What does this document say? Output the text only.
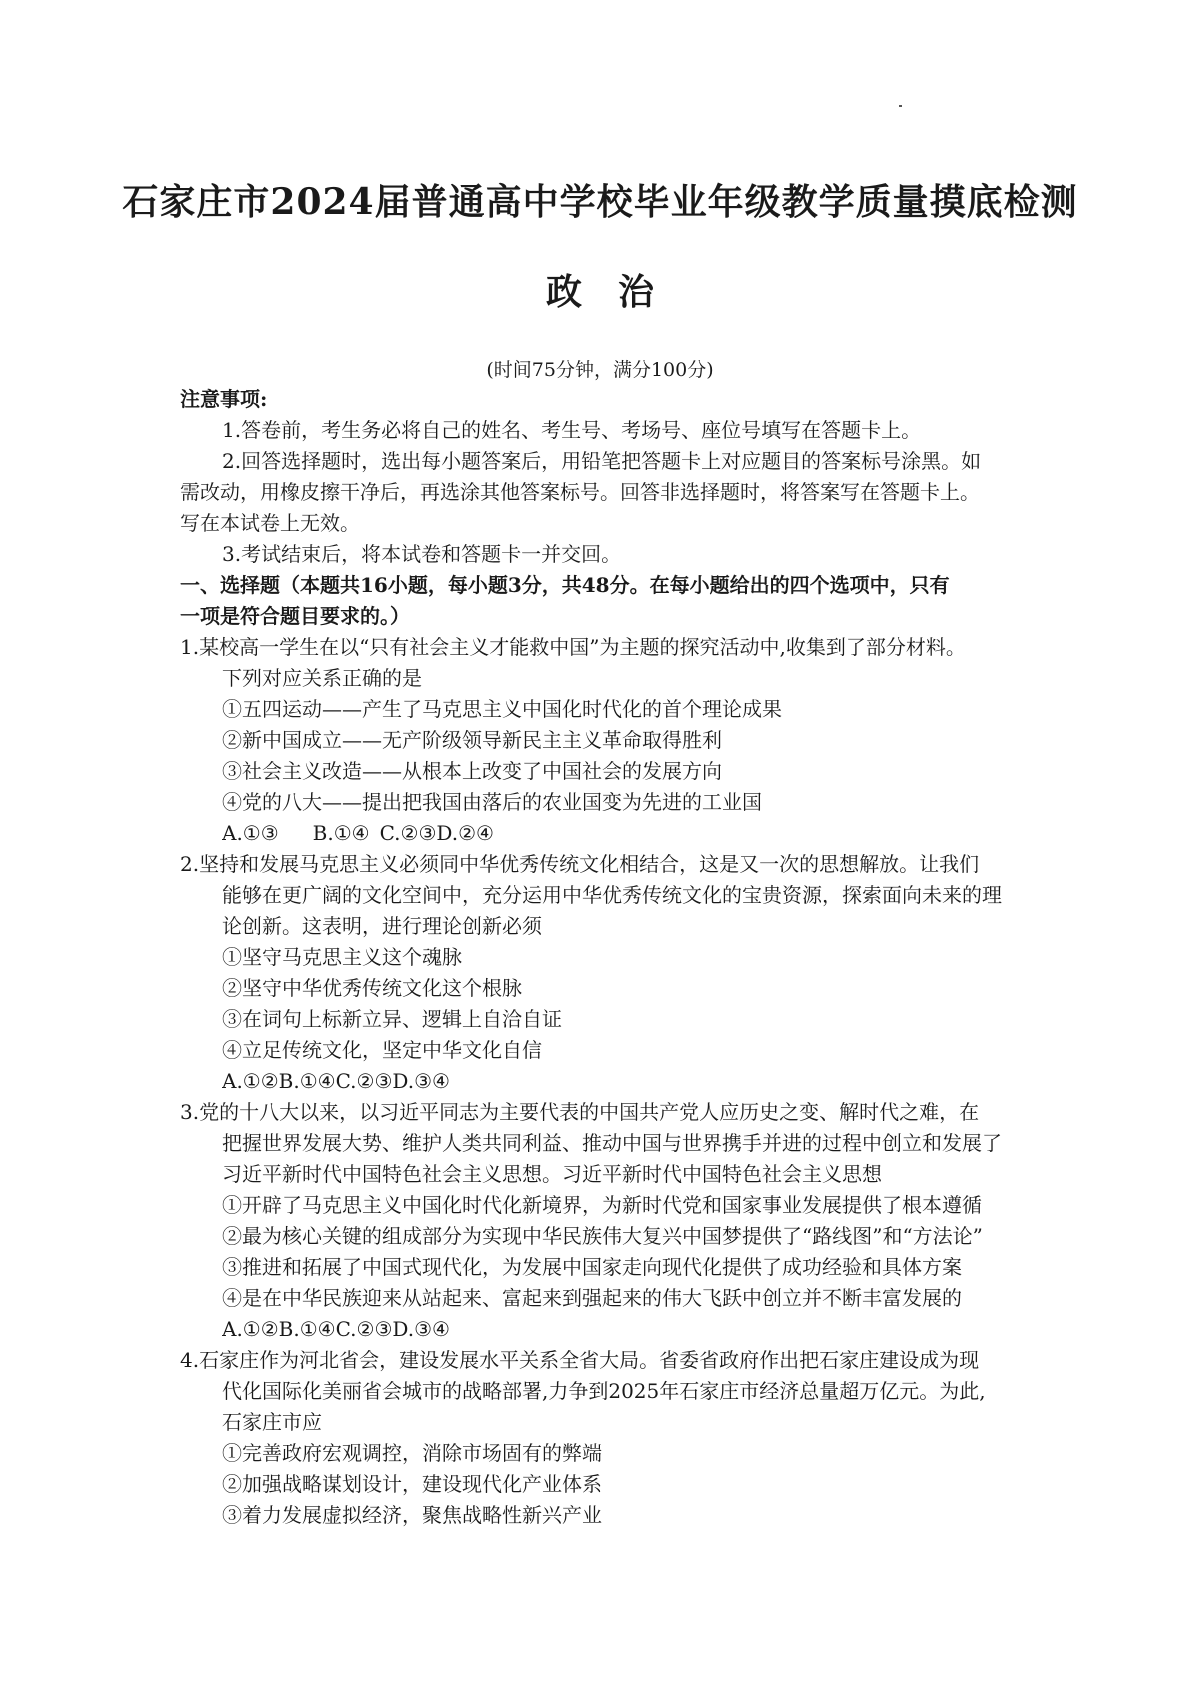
石家庄市2024届普通高中学校毕业年级教学质量摸底检测
政 治
(时间75分钟，满分100分)
注意事项:
1.答卷前，考生务必将自己的姓名、考生号、考场号、座位号填写在答题卡上。
2.回答选择题时，选出每小题答案后，用铅笔把答题卡上对应题目的答案标号涂黑。如
需改动，用橡皮擦干净后，再选涂其他答案标号。回答非选择题时，将答案写在答题卡上。
写在本试卷上无效。
3.考试结束后，将本试卷和答题卡一并交回。
一、选择题（本题共16小题，每小题3分，共48分。在每小题给出的四个选项中，只有
一项是符合题目要求的。）
1.某校高一学生在以“只有社会主义才能救中国”为主题的探究活动中,收集到了部分材料。
下列对应关系正确的是
①五四运动——产生了马克思主义中国化时代化的首个理论成果
②新中国成立——无产阶级领导新民主主义革命取得胜利
③社会主义改造——从根本上改变了中国社会的发展方向
④党的八大——提出把我国由落后的农业国变为先进的工业国
A.①③ B.①④ C.②③D.②④
2.坚持和发展马克思主义必须同中华优秀传统文化相结合，这是又一次的思想解放。让我们
能够在更广阔的文化空间中，充分运用中华优秀传统文化的宝贵资源，探索面向未来的理
论创新。这表明，进行理论创新必须
①坚守马克思主义这个魂脉
②坚守中华优秀传统文化这个根脉
③在词句上标新立异、逻辑上自洽自证
④立足传统文化，坚定中华文化自信
A.①②B.①④C.②③D.③④
3.党的十八大以来，以习近平同志为主要代表的中国共产党人应历史之变、解时代之难，在
把握世界发展大势、维护人类共同利益、推动中国与世界携手并进的过程中创立和发展了
习近平新时代中国特色社会主义思想。习近平新时代中国特色社会主义思想
①开辟了马克思主义中国化时代化新境界，为新时代党和国家事业发展提供了根本遵循
②最为核心关键的组成部分为实现中华民族伟大复兴中国梦提供了“路线图”和“方法论”
③推进和拓展了中国式现代化，为发展中国家走向现代化提供了成功经验和具体方案
④是在中华民族迎来从站起来、富起来到强起来的伟大飞跃中创立并不断丰富发展的
A.①②B.①④C.②③D.③④
4.石家庄作为河北省会，建设发展水平关系全省大局。省委省政府作出把石家庄建设成为现
代化国际化美丽省会城市的战略部署,力争到2025年石家庄市经济总量超万亿元。为此,
石家庄市应
①完善政府宏观调控，消除市场固有的弊端
②加强战略谋划设计，建设现代化产业体系
③着力发展虚拟经济，聚焦战略性新兴产业
